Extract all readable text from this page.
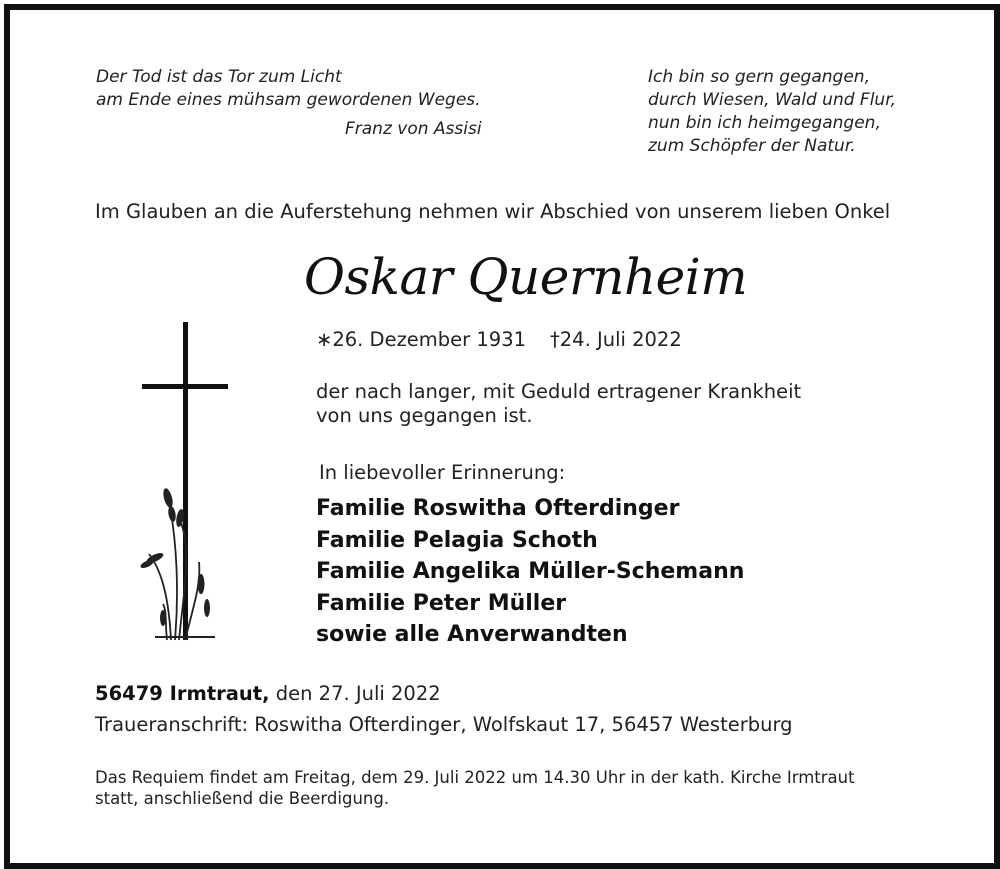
Der Tod ist das Tor zum Licht
am Ende eines mühsam gewordenen Weges.
Franz von Assisi
Ich bin so gern gegangen,
durch Wiesen, Wald und Flur,
nun bin ich heimgegangen,
zum Schöpfer der Natur.
Im Glauben an die Auferstehung nehmen wir Abschied von unserem lieben Onkel
Oskar Quernheim
∗26. Dezember 1931 †24. Juli 2022
der nach langer, mit Geduld ertragener Krankheit
von uns gegangen ist.
In liebevoller Erinnerung:
Familie Roswitha Ofterdinger
Familie Pelagia Schoth
Familie Angelika Müller-Schemann
Familie Peter Müller
sowie alle Anverwandten
56479 Irmtraut, den 27. Juli 2022
Traueranschrift: Roswitha Ofterdinger, Wolfskaut 17, 56457 Westerburg
Das Requiem findet am Freitag, dem 29. Juli 2022 um 14.30 Uhr in der kath. Kirche Irmtraut
statt, anschließend die Beerdigung.
